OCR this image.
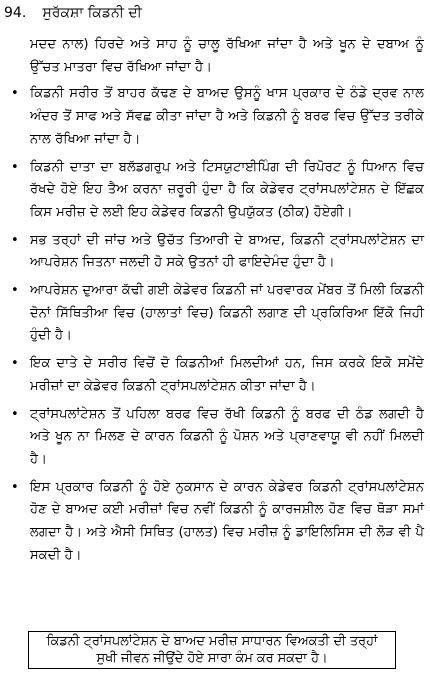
94. ਸੁਰੱਕਸ਼ਾ ਕਿਡਨੀ ਦੀ

ਮਦਦ ਨਾਲ) ਹਿਰਦੇ ਅਤੇ ਸਾਹ ਨੂੰ ਚਾਲੂ ਰੱਖਿਆ ਜਾਂਦਾ ਹੈ ਅਤੇ ਖੂਨ ਦੇ ਦਬਾਅ ਨੂੰ ਉੱਚਤ ਮਾਤਰਾ ਵਿਚ ਰੱਖਿਆ ਜਾਂਦਾ ਹੈ।

• ਕਿਡਨੀ ਸਰੀਰ ਤੋਂ ਬਾਹਰ ਕੱਢਣ ਦੇ ਬਾਅਦ ਉਸਨੂੰ ਖਾਸ ਪ੍ਰਕਾਰ ਦੇ ਠੰਡੇ ਦ੍ਰਵ ਨਾਲ ਅੰਦਰ ਤੋਂ ਸਾਫ ਅਤੇ ਸੱਵਛ ਕੀਤਾ ਜਾਂਦਾ ਹੈ ਅਤੇ ਕਿਡਨੀ ਨੂੰ ਬਰਫ ਵਿਚ ਉੱਦਤ ਤਰੀਕੇ ਨਾਲ ਰੱਖਿਆ ਜਾਂਦਾ ਹੈ।
• ਕਿਡਨੀ ਦਾਤਾ ਦਾ ਬਲੱਡਗਰੁਪ ਅਤੇ ਟਿਸਯੁਟਾਈਪਿੰਗ ਦੀ ਰਿਪੋਰਟ ਨੂੰ ਧਿਆਨ ਵਿਚ ਰੱਖਦੇ ਹੋਏ ਇਹ ਤੈਅ ਕਰਨਾ ਜ਼ਰੂਰੀ ਹੁੰਦਾ ਹੈ ਕਿ ਕੇਡੇਵਰ ਟ੍ਰਾਂਸਪਲਾਂਟੇਸ਼ਨ ਦੇ ਇੱਛਕ ਕਿਸ ਮਰੀਜ਼ ਦੇ ਲਈ ਇਹ ਕੇਡੇਵਰ ਕਿਡਨੀ ਉਪਯੁੱਕਤ (ਠੀਕ) ਹੋਏਗੀ।
• ਸਭ ਤਰ੍ਹਾਂ ਦੀ ਜਾਂਚ ਅਤੇ ਉਚੱਤ ਤਿਆਰੀ ਦੇ ਬਾਅਦ, ਕਿਡਨੀ ਟ੍ਰਾਂਸਪਲਾਂਟੇਸ਼ਨ ਦਾ ਆਪਰੇਸ਼ਨ ਜਿਤਨਾ ਜਲਦੀ ਹੋ ਸਕੇ ਉਤਨਾਂ ਹੀ ਫਾਇਦੇਮੰਦ ਹੁੰਦਾ ਹੈ।
• ਆਪਰੇਸ਼ਨ ਦੁਆਰਾ ਕੱਢੀ ਗਈ ਕੇਡੇਵਰ ਕਿਡਨੀ ਜਾਂ ਪਰਵਾਰਕ ਮੇਂਬਰ ਤੋਂ ਮਿਲੀ ਕਿਡਨੀ ਦੋਨਾਂ ਸਿੱਥਿਤੀਆ ਵਿਚ (ਹਾਲਾਤਾਂ ਵਿਚ) ਕਿਡਨੀ ਲਗਾਣ ਦੀ ਪ੍ਰਕਿਰਿਆ ਇੱਕੋ ਜਿਹੀ ਹੁੰਦੀ ਹੈ।
• ਇਕ ਦਾਤੇ ਦੇ ਸਰੀਰ ਵਿਚੋਂ ਦੋ ਕਿਡਨੀਆਂ ਮਿਲਦੀਆਂ ਹਨ, ਜਿਸ ਕਰਕੇ ਇਕੋ ਸਮੇਂਦੇ ਮਰੀਜ਼ਾਂ ਦਾ ਕੇਡੇਵਰ ਕਿਡਨੀ ਟ੍ਰਾਂਸਪਲਾਂਟੇਸ਼ਨ ਕੀਤਾ ਜਾਂਦਾ ਹੈ।
• ਟ੍ਰਾਂਸਪਲਾਂਟੇਸ਼ਨ ਤੋਂ ਪਹਿਲਾ ਬਰਫ ਵਿਚ ਰੱਖੀ ਕਿਡਨੀ ਨੂੰ ਬਰਫ ਦੀ ਠੰਡ ਲਗਦੀ ਹੈ ਅਤੇ ਖੂਨ ਨਾ ਮਿਲਣ ਦੇ ਕਾਰਨ ਕਿਡਨੀ ਨੂੰ ਪੋਸ਼ਨ ਅਤੇ ਪ੍ਰਾਣਵਾਯੂ ਵੀ ਨਹੀਂ ਮਿਲਦੀ ਹੈ।
• ਇਸ ਪ੍ਰਕਾਰ ਕਿਡਨੀ ਨੂੰ ਹੋਏ ਨੁਕਸਾਨ ਦੇ ਕਾਰਨ ਕੇਡੇਵਰ ਕਿਡਨੀ ਟ੍ਰਾਂਸਪਲਾਂਟੇਸ਼ਨ ਹੋਣ ਦੇ ਬਾਅਦ ਕਈ ਮਰੀਜ਼ਾਂ ਵਿਚ ਨਵੀਂ ਕਿਡਨੀ ਨੂੰ ਕਾਰਜਸ਼ੀਲ ਹੋਣ ਵਿਚ ਥੋੜਾ ਸਮਾਂ ਲਗਦਾ ਹੈ। ਅਤੇ ਐਸੀ ਸਿਥਿਤ (ਹਾਲਤ) ਵਿਚ ਮਰੀਜ਼ ਨੂੰ ਡਾਇਲਿਸਿਸ ਦੀ ਲੋੜ ਵੀ ਪੈ ਸਕਦੀ ਹੈ।
ਕਿਡਨੀ ਟ੍ਰਾਂਸਪਲਾਂਟੇਸ਼ਨ ਦੇ ਬਾਅਦ ਮਰੀਜ਼ ਸਾਧਾਰਨ ਵਿਅਕਤੀ ਦੀ ਤਰ੍ਹਾਂ ਸੁਖੀ ਜੀਵਨ ਜੀਉਂਦੇ ਹੋਏ ਸਾਰਾ ਕੰਮ ਕਰ ਸਕਦਾ ਹੈ।
